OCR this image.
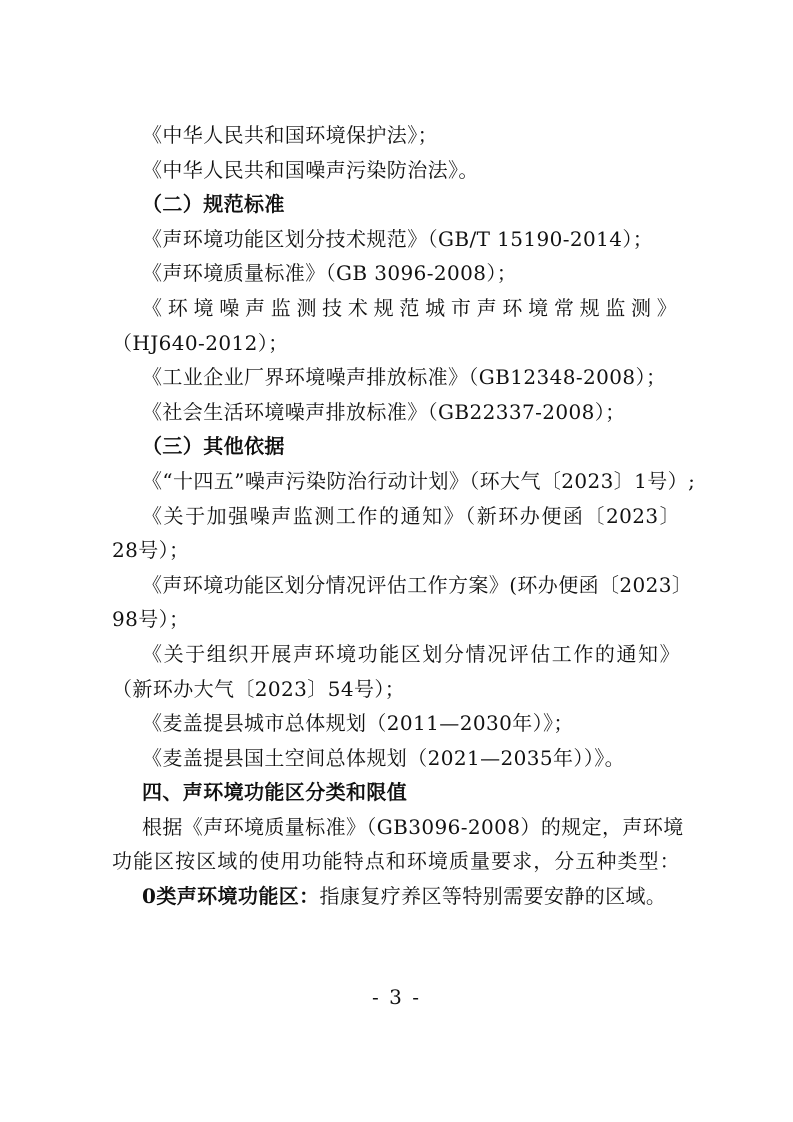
《中华人民共和国环境保护法》；
《中华人民共和国噪声污染防治法》。
（二）规范标准
《声环境功能区划分技术规范》（GB/T 15190-2014）；
《声环境质量标准》（GB 3096-2008）；
《环境噪声监测技术规范城市声环境常规监测》
（HJ640-2012）；
《工业企业厂界环境噪声排放标准》（GB12348-2008）；
《社会生活环境噪声排放标准》（GB22337-2008）；
（三）其他依据
《“十四五”噪声污染防治行动计划》（环大气〔2023〕1号）;
《关于加强噪声监测工作的通知》（新环办便函〔2023〕
28号）；
《声环境功能区划分情况评估工作方案》(环办便函〔2023〕
98号）；
《关于组织开展声环境功能区划分情况评估工作的通知》
（新环办大气〔2023〕54号）；
《麦盖提县城市总体规划（2011—2030年）》；
《麦盖提县国土空间总体规划（2021—2035年））》。
四、声环境功能区分类和限值
根据《声环境质量标准》（GB3096-2008）的规定，声环境
功能区按区域的使用功能特点和环境质量要求，分五种类型：
0类声环境功能区：指康复疗养区等特别需要安静的区域。
- 3 -
